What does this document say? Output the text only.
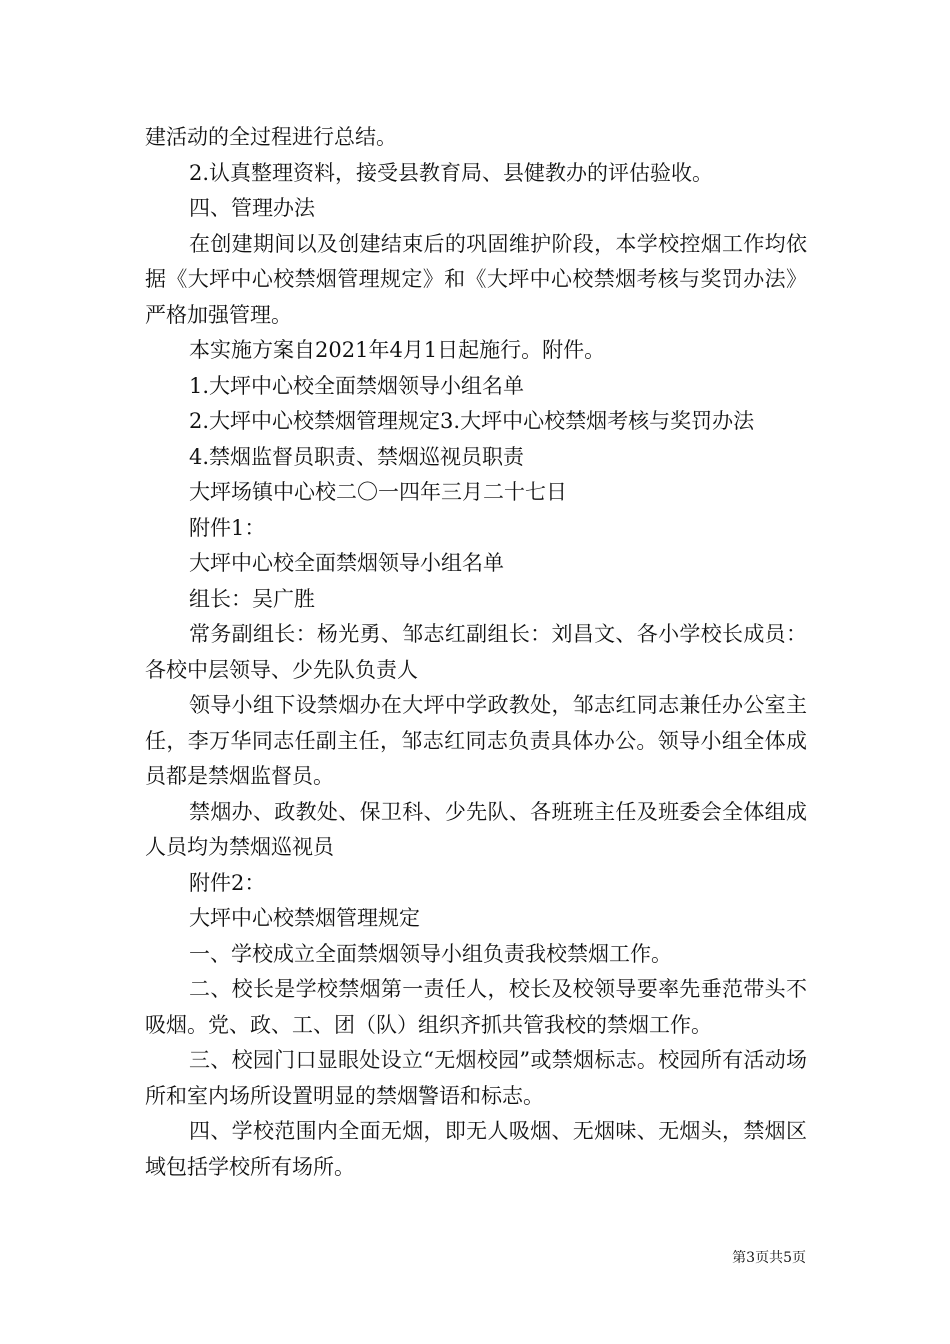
建活动的全过程进行总结。

2.认真整理资料，接受县教育局、县健教办的评估验收。

四、管理办法

在创建期间以及创建结束后的巩固维护阶段，本学校控烟工作均依据《大坪中心校禁烟管理规定》和《大坪中心校禁烟考核与奖罚办法》严格加强管理。

本实施方案自2021年4月1日起施行。附件。

1.大坪中心校全面禁烟领导小组名单

2.大坪中心校禁烟管理规定3.大坪中心校禁烟考核与奖罚办法

4.禁烟监督员职责、禁烟巡视员职责

大坪场镇中心校二〇一四年三月二十七日

附件1：

大坪中心校全面禁烟领导小组名单

组长：吴广胜

常务副组长：杨光勇、邹志红副组长：刘昌文、各小学校长成员：各校中层领导、少先队负责人

领导小组下设禁烟办在大坪中学政教处，邹志红同志兼任办公室主任，李万华同志任副主任，邹志红同志负责具体办公。领导小组全体成员都是禁烟监督员。

禁烟办、政教处、保卫科、少先队、各班班主任及班委会全体组成人员均为禁烟巡视员

附件2：

大坪中心校禁烟管理规定

一、学校成立全面禁烟领导小组负责我校禁烟工作。

二、校长是学校禁烟第一责任人，校长及校领导要率先垂范带头不吸烟。党、政、工、团（队）组织齐抓共管我校的禁烟工作。

三、校园门口显眼处设立“无烟校园”或禁烟标志。校园所有活动场所和室内场所设置明显的禁烟警语和标志。

四、学校范围内全面无烟，即无人吸烟、无烟味、无烟头，禁烟区域包括学校所有场所。

第3页共5页
